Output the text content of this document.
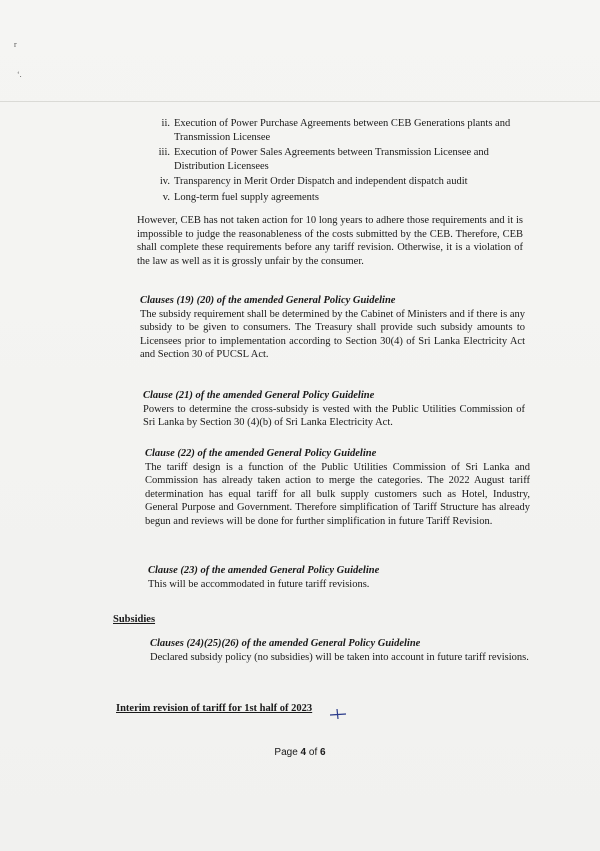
r
‘.
ii. Execution of Power Purchase Agreements between CEB Generations plants and Transmission Licensee
iii. Execution of Power Sales Agreements between Transmission Licensee and Distribution Licensees
iv. Transparency in Merit Order Dispatch and independent dispatch audit
v. Long-term fuel supply agreements
However, CEB has not taken action for 10 long years to adhere those requirements and it is impossible to judge the reasonableness of the costs submitted by the CEB. Therefore, CEB shall complete these requirements before any tariff revision. Otherwise, it is a violation of the law as well as it is grossly unfair by the consumer.
Clauses (19) (20) of the amended General Policy Guideline
The subsidy requirement shall be determined by the Cabinet of Ministers and if there is any subsidy to be given to consumers. The Treasury shall provide such subsidy amounts to Licensees prior to implementation according to Section 30(4) of Sri Lanka Electricity Act and Section 30 of PUCSL Act.
Clause (21) of the amended General Policy Guideline
Powers to determine the cross-subsidy is vested with the Public Utilities Commission of Sri Lanka by Section 30 (4)(b) of Sri Lanka Electricity Act.
Clause (22) of the amended General Policy Guideline
The tariff design is a function of the Public Utilities Commission of Sri Lanka and Commission has already taken action to merge the categories. The 2022 August tariff determination has equal tariff for all bulk supply customers such as Hotel, Industry, General Purpose and Government. Therefore simplification of Tariff Structure has already begun and reviews will be done for further simplification in future Tariff Revision.
Clause (23) of the amended General Policy Guideline
This will be accommodated in future tariff revisions.
Subsidies
Clauses (24)(25)(26) of the amended General Policy Guideline
Declared subsidy policy (no subsidies) will be taken into account in future tariff revisions.
Interim revision of tariff for 1st half of 2023
Page 4 of 6
